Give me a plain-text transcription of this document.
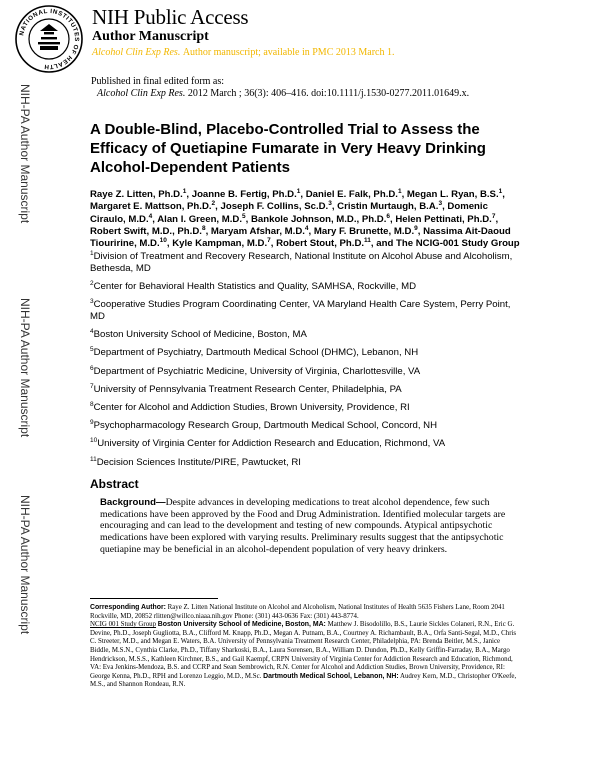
NATIONAL INSTITUTES OF HEALTH
NIH Public Access
Author Manuscript
Alcohol Clin Exp Res. Author manuscript; available in PMC 2013 March 1.
Published in final edited form as:
Alcohol Clin Exp Res. 2012 March ; 36(3): 406–416. doi:10.1111/j.1530-0277.2011.01649.x.
NIH-PA Author Manuscript
NIH-PA Author Manuscript
NIH-PA Author Manuscript
A Double-Blind, Placebo-Controlled Trial to Assess the Efficacy of Quetiapine Fumarate in Very Heavy Drinking Alcohol-Dependent Patients
Raye Z. Litten, Ph.D.$^1$, Joanne B. Fertig, Ph.D.$^1$, Daniel E. Falk, Ph.D.$^1$, Megan L. Ryan, B.S.$^1$, Margaret E. Mattson, Ph.D.$^2$, Joseph F. Collins, Sc.D.$^3$, Cristin Murtaugh, B.A.$^3$, Domenic Ciraulo, M.D.$^4$, Alan I. Green, M.D.$^5$, Bankole Johnson, M.D., Ph.D.$^6$, Helen Pettinati, Ph.D.$^7$, Robert Swift, M.D., Ph.D.$^8$, Maryam Afshar, M.D.$^4$, Mary F. Brunette, M.D.$^9$, Nassima Ait-Daoud Tiouririne, M.D.$^{10}$, Kyle Kampman, M.D.$^7$, Robert Stout, Ph.D.$^{11}$, and The NCIG-001 Study Group
$^1$Division of Treatment and Recovery Research, National Institute on Alcohol Abuse and Alcoholism, Bethesda, MD
$^2$Center for Behavioral Health Statistics and Quality, SAMHSA, Rockville, MD
$^3$Cooperative Studies Program Coordinating Center, VA Maryland Health Care System, Perry Point, MD
$^4$Boston University School of Medicine, Boston, MA
$^5$Department of Psychiatry, Dartmouth Medical School (DHMC), Lebanon, NH
$^6$Department of Psychiatric Medicine, University of Virginia, Charlottesville, VA
$^7$University of Pennsylvania Treatment Research Center, Philadelphia, PA
$^8$Center for Alcohol and Addiction Studies, Brown University, Providence, RI
$^9$Psychopharmacology Research Group, Dartmouth Medical School, Concord, NH
$^{10}$University of Virginia Center for Addiction Research and Education, Richmond, VA
$^{11}$Decision Sciences Institute/PIRE, Pawtucket, RI
Abstract
Background—Despite advances in developing medications to treat alcohol dependence, few such medications have been approved by the Food and Drug Administration. Identified molecular targets are encouraging and can lead to the development and testing of new compounds. Atypical antipsychotic medications have been explored with varying results. Preliminary results suggest that the antipsychotic quetiapine may be beneficial in an alcohol-dependent population of very heavy drinkers.
Corresponding Author: Raye Z. Litten National Institute on Alcohol and Alcoholism, National Institutes of Health 5635 Fishers Lane, Room 2041 Rockville, MD, 20852 rlitten@willco.niaaa.nih.gov Phone: (301) 443-0636 Fax: (301) 443-8774.
NCIG 001 Study Group Boston University School of Medicine, Boston, MA: Matthew J. Bisodolillo, B.S., Laurie Sickles Colaneri, R.N., Eric G. Devine, Ph.D., Joseph Gugliotta, B.A., Clifford M. Knapp, Ph.D., Megan A. Putnam, B.A., Courtney A. Richambault, B.A., Orfa Santi-Segal, M.D., Chris C. Streeter, M.D., and Megan E. Waters, B.A. University of Pennsylvania Treatment Research Center, Philadelphia, PA: Brenda Beitler, M.S., Janice Biddle, M.S.N., Cynthia Clarke, Ph.D., Tiffany Sharkoski, B.A., Laura Sorensen, B.A., William D. Dundon, Ph.D., Kelly Griffin-Farraday, B.A., Margo Hendrickson, M.S.S., Kathleen Kirchner, B.S., and Gail Kaempf, CRPN University of Virginia Center for Addiction Research and Education, Richmond, VA: Eva Jenkins-Mendoza, B.S. and CCRP and Sean Sembrowich, R.N. Center for Alcohol and Addiction Studies, Brown University, Providence, RI: George Kenna, Ph.D., RPH and Lorenzo Leggio, M.D., M.Sc. Dartmouth Medical School, Lebanon, NH: Audrey Kern, M.D., Christopher O'Keefe, M.S., and Shannon Rondeau, R.N.
